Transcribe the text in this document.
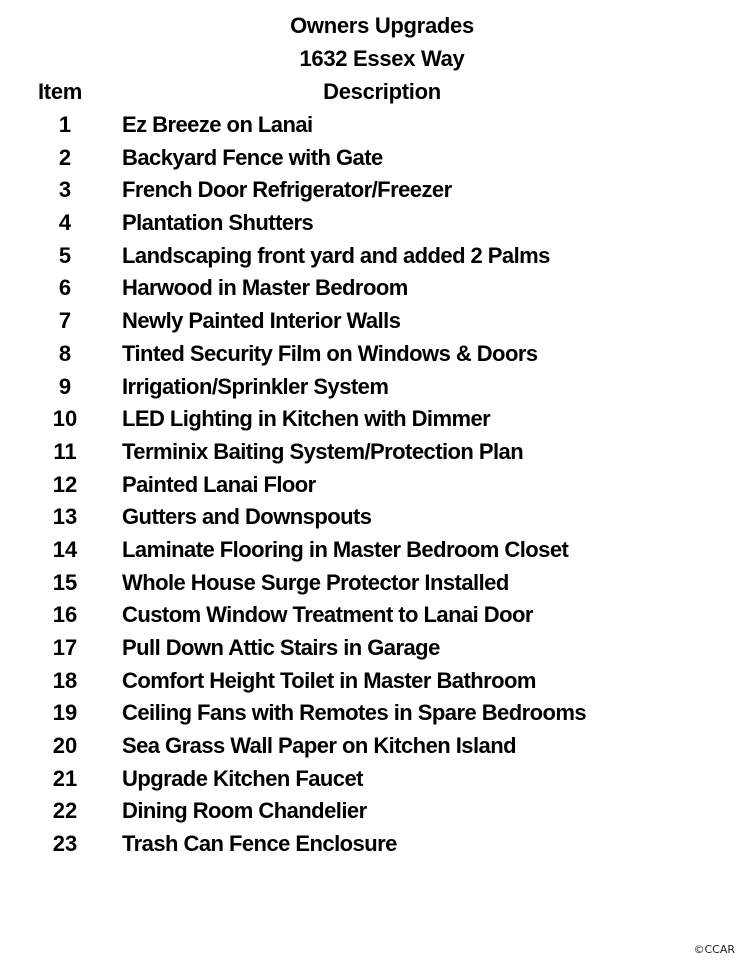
Owners Upgrades
1632 Essex Way
Item	Description
1	Ez Breeze on Lanai
2	Backyard Fence with Gate
3	French Door Refrigerator/Freezer
4	Plantation Shutters
5	Landscaping front yard and added 2 Palms
6	Harwood in Master Bedroom
7	Newly Painted Interior Walls
8	Tinted Security Film on Windows & Doors
9	Irrigation/Sprinkler System
10	LED Lighting in Kitchen with Dimmer
11	Terminix Baiting System/Protection Plan
12	Painted Lanai Floor
13	Gutters and Downspouts
14	Laminate Flooring in Master Bedroom Closet
15	Whole House Surge Protector Installed
16	Custom Window Treatment to Lanai Door
17	Pull Down Attic Stairs in Garage
18	Comfort Height Toilet in Master Bathroom
19	Ceiling Fans with Remotes in Spare Bedrooms
20	Sea Grass Wall Paper on Kitchen Island
21	Upgrade Kitchen Faucet
22	Dining Room Chandelier
23	Trash Can Fence Enclosure
©CCAR
